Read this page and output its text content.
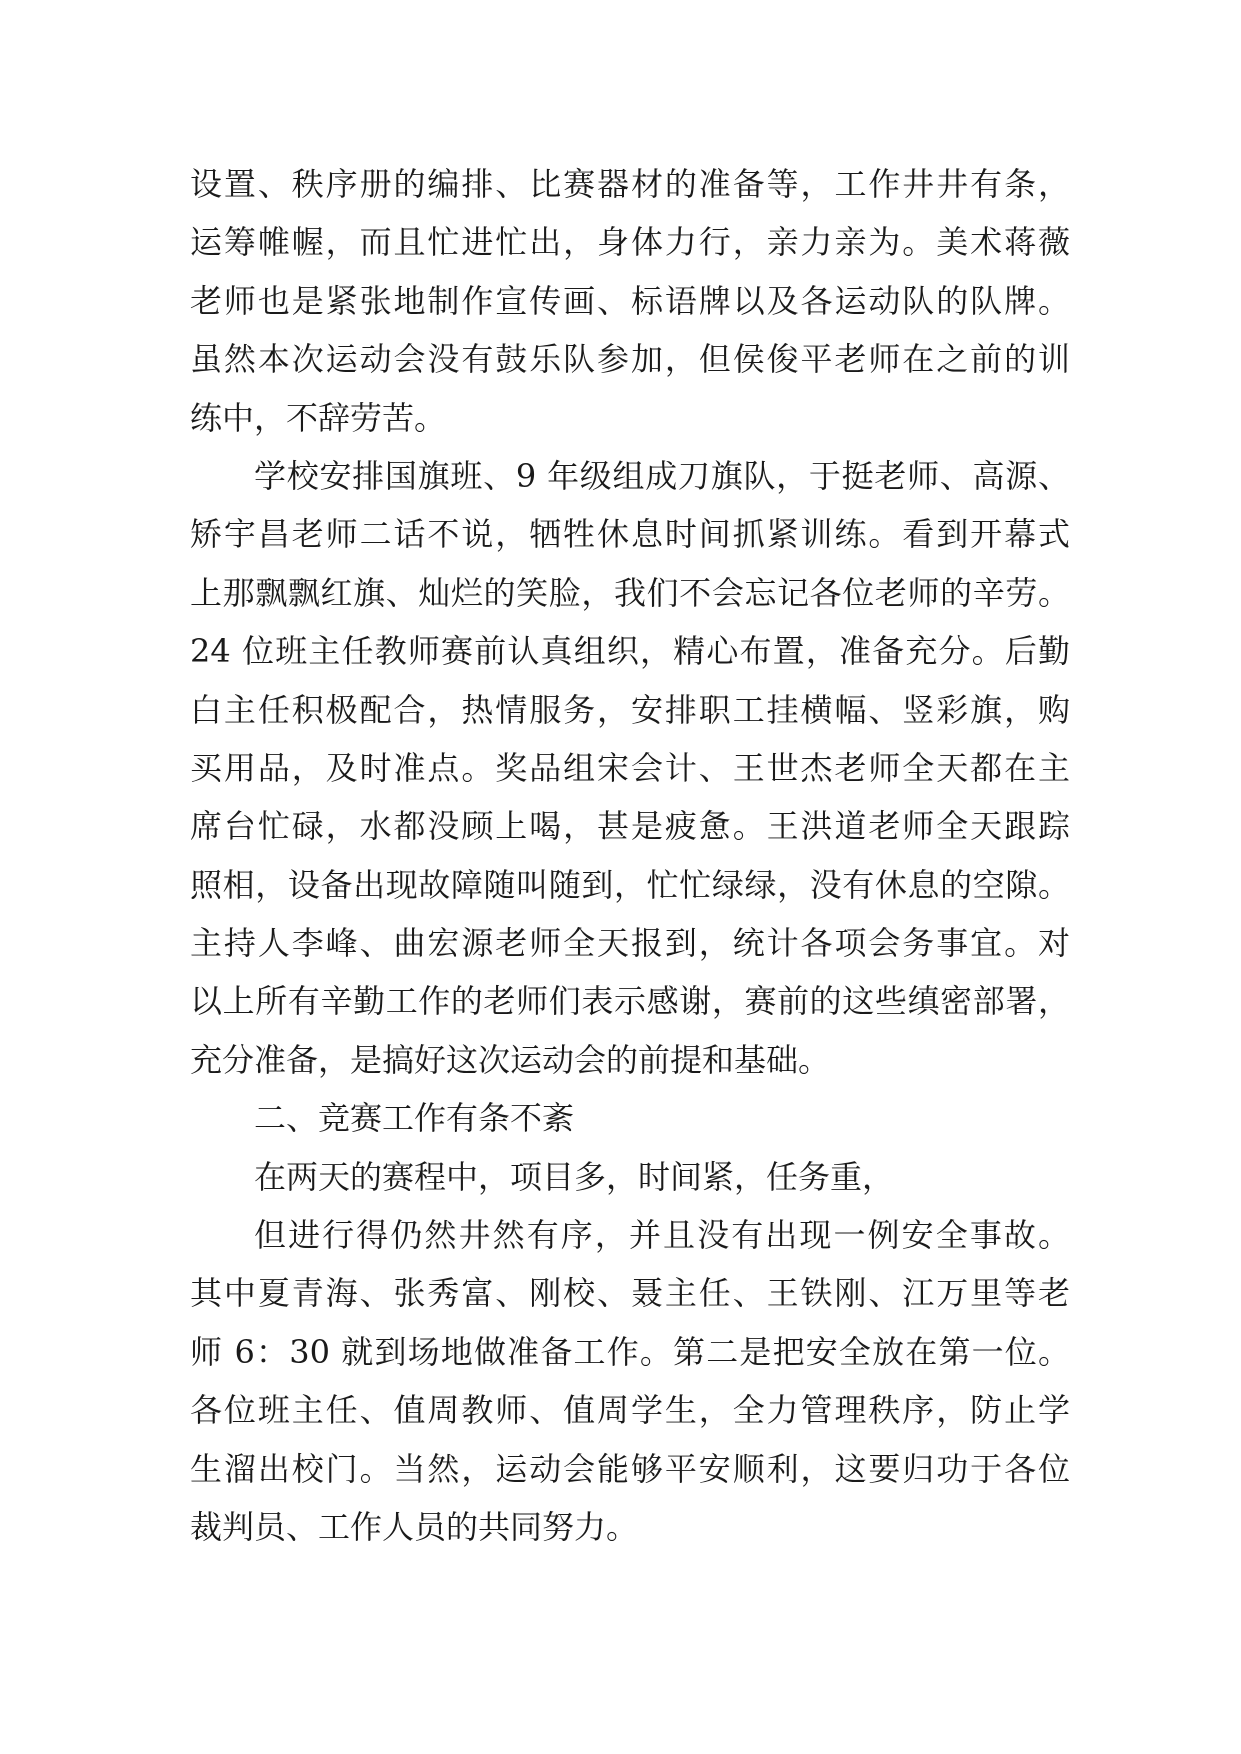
设置、秩序册的编排、比赛器材的准备等，工作井井有条，
运筹帷幄，而且忙进忙出，身体力行，亲力亲为。美术蒋薇
老师也是紧张地制作宣传画、标语牌以及各运动队的队牌。
虽然本次运动会没有鼓乐队参加，但侯俊平老师在之前的训
练中，不辞劳苦。
学校安排国旗班、9 年级组成刀旗队，于挺老师、高源、
矫宇昌老师二话不说，牺牲休息时间抓紧训练。看到开幕式
上那飘飘红旗、灿烂的笑脸，我们不会忘记各位老师的辛劳。
24 位班主任教师赛前认真组织，精心布置，准备充分。后勤
白主任积极配合，热情服务，安排职工挂横幅、竖彩旗，购
买用品，及时准点。奖品组宋会计、王世杰老师全天都在主
席台忙碌，水都没顾上喝，甚是疲惫。王洪道老师全天跟踪
照相，设备出现故障随叫随到，忙忙绿绿，没有休息的空隙。
主持人李峰、曲宏源老师全天报到，统计各项会务事宜。对
以上所有辛勤工作的老师们表示感谢，赛前的这些缜密部署，
充分准备，是搞好这次运动会的前提和基础。
二、竞赛工作有条不紊
在两天的赛程中，项目多，时间紧，任务重，
但进行得仍然井然有序，并且没有出现一例安全事故。
其中夏青海、张秀富、刚校、聂主任、王铁刚、江万里等老
师 6：30 就到场地做准备工作。第二是把安全放在第一位。
各位班主任、值周教师、值周学生，全力管理秩序，防止学
生溜出校门。当然，运动会能够平安顺利，这要归功于各位
裁判员、工作人员的共同努力。
